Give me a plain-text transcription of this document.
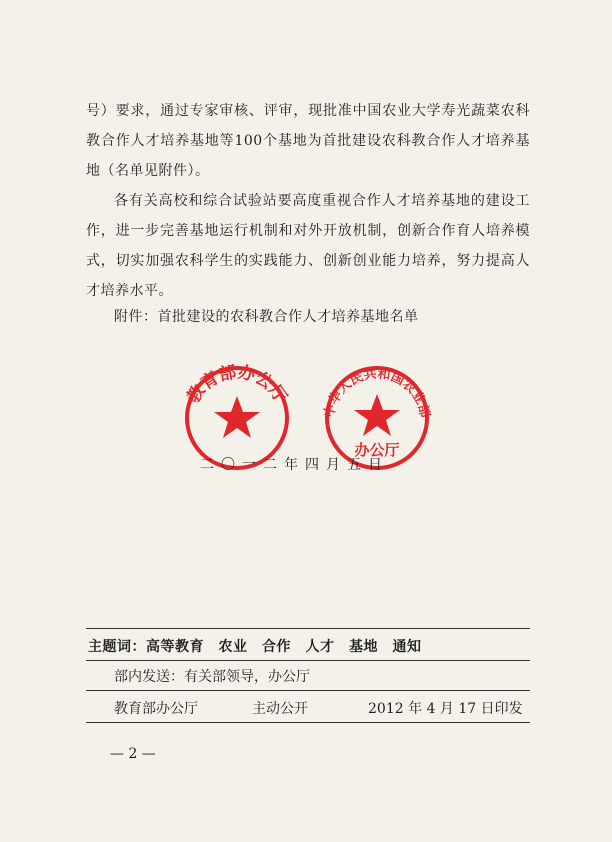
号）要求，通过专家审核、评审，现批准中国农业大学寿光蔬菜农科教合作人才培养基地等100个基地为首批建设农科教合作人才培养基地（名单见附件）。

各有关高校和综合试验站要高度重视合作人才培养基地的建设工作，进一步完善基地运行机制和对外开放机制，创新合作育人培养模式，切实加强农科学生的实践能力、创新创业能力培养，努力提高人才培养水平。

附件：首批建设的农科教合作人才培养基地名单
教育部办公厅
中华人民共和国农业部
办公厅
二〇一二年四月五日
主题词：高等教育　农业　合作　人才　基地　通知
部内发送：有关部领导，办公厅
教育部办公厅	主动公开	2012 年 4 月 17 日印发
— 2 —
